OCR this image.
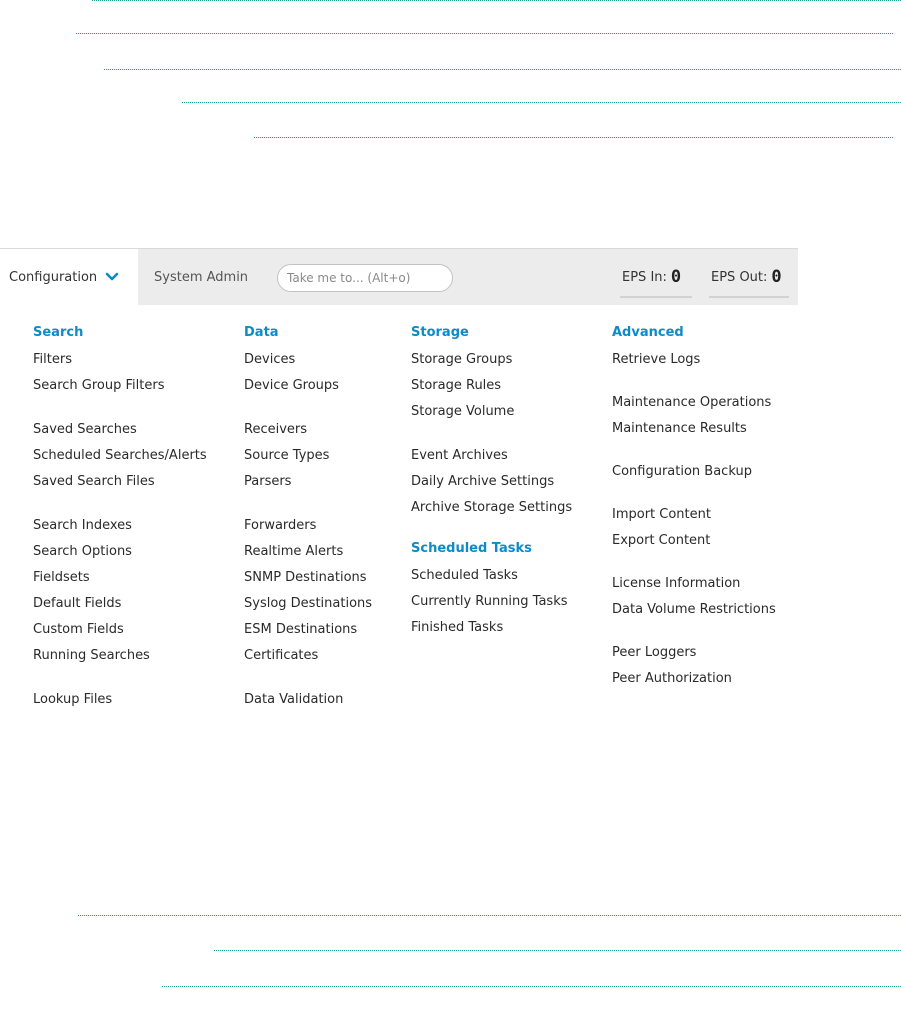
Configuration	System Admin
Take me to... (Alt+o)	EPS In: 0 EPS Out: 0
Search
Filters
Search Group Filters
Saved Searches
Scheduled Searches/Alerts
Saved Search Files
Search Indexes
Search Options
Fieldsets
Default Fields
Custom Fields
Running Searches
Lookup Files
Data
Devices
Device Groups
Receivers
Source Types
Parsers
Forwarders
Realtime Alerts
SNMP Destinations
Syslog Destinations
ESM Destinations
Certificates
Data Validation
Storage
Storage Groups
Storage Rules
Storage Volume
Event Archives
Daily Archive Settings
Archive Storage Settings
Scheduled Tasks
Scheduled Tasks
Currently Running Tasks
Finished Tasks
Advanced
Retrieve Logs
Maintenance Operations
Maintenance Results
Configuration Backup
Import Content
Export Content
License Information
Data Volume Restrictions
Peer Loggers
Peer Authorization
